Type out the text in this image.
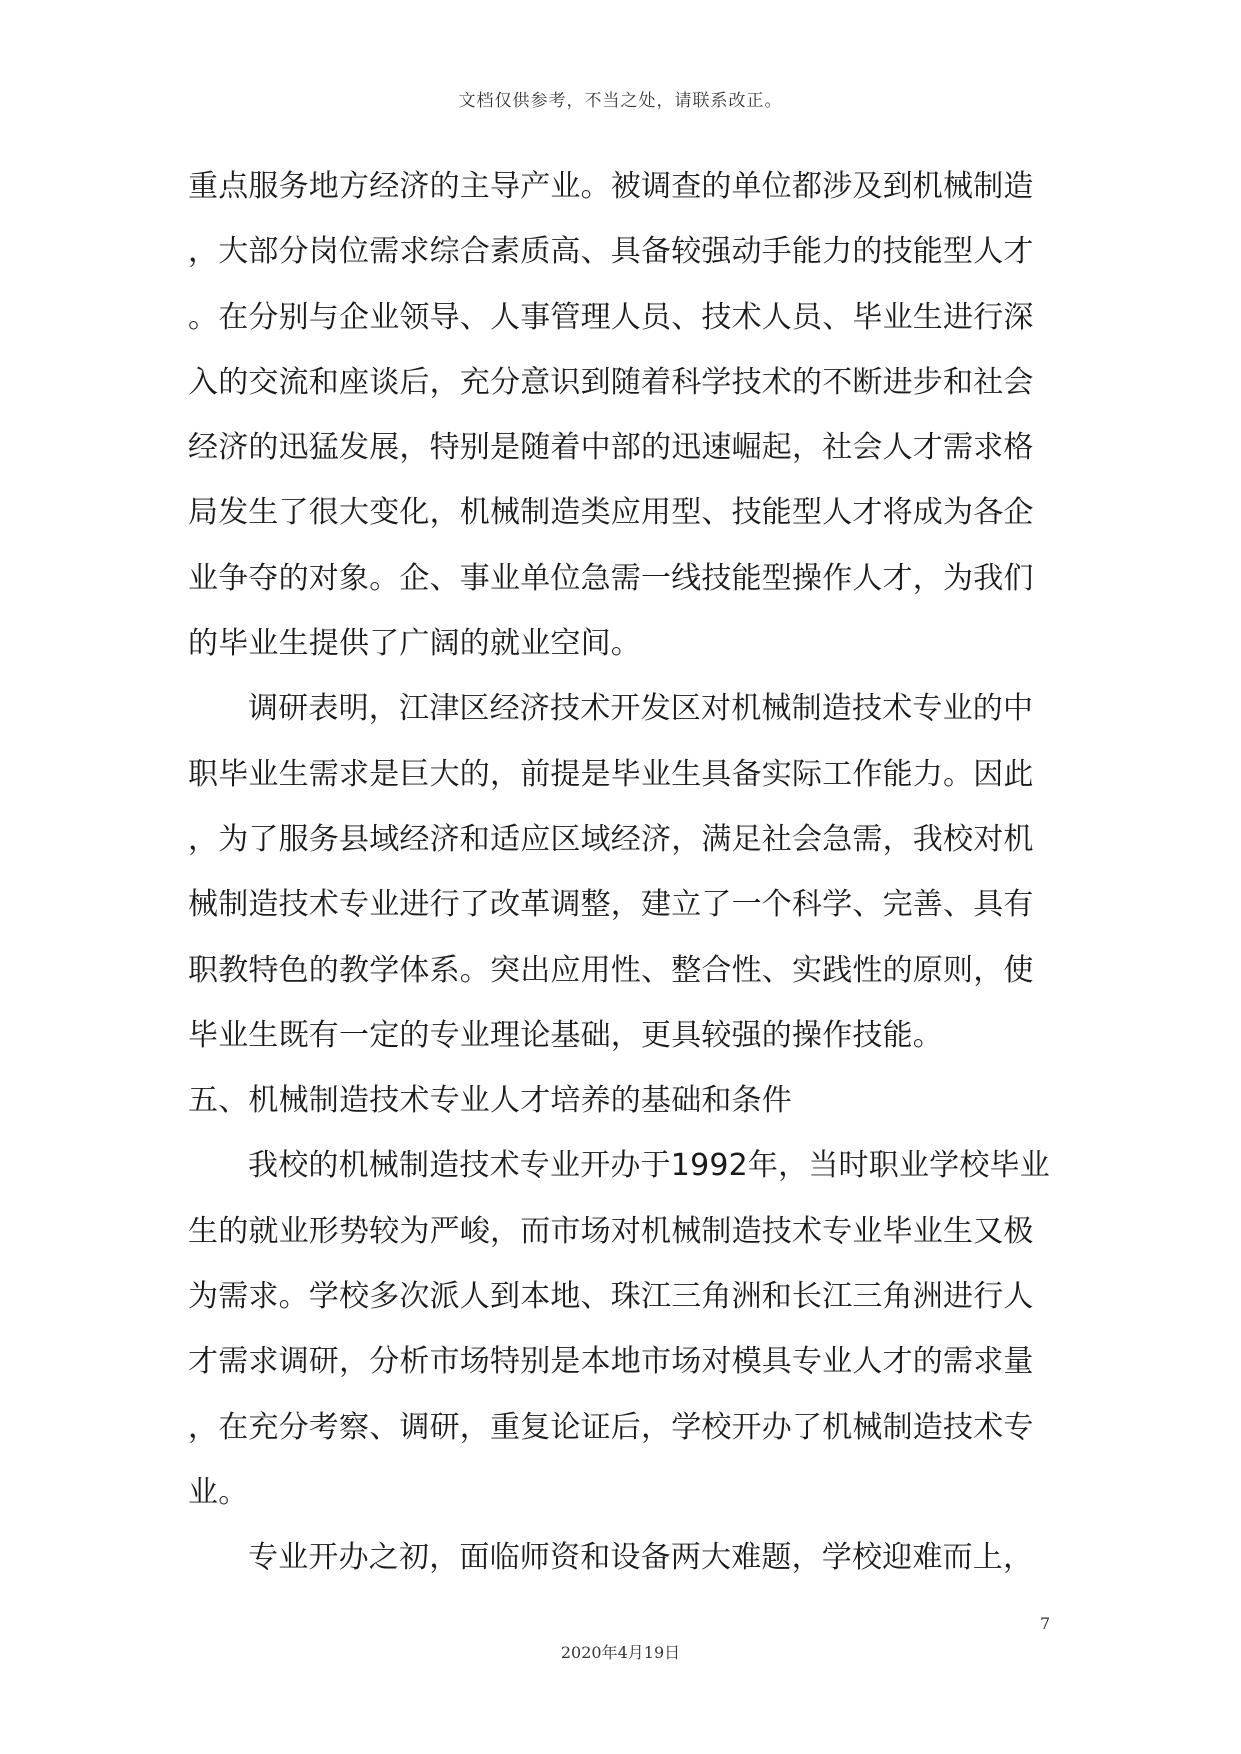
文档仅供参考，不当之处，请联系改正。
重点服务地方经济的主导产业。被调查的单位都涉及到机械制造
，大部分岗位需求综合素质高、具备较强动手能力的技能型人才
。在分别与企业领导、人事管理人员、技术人员、毕业生进行深
入的交流和座谈后，充分意识到随着科学技术的不断进步和社会
经济的迅猛发展，特别是随着中部的迅速崛起，社会人才需求格
局发生了很大变化，机械制造类应用型、技能型人才将成为各企
业争夺的对象。企、事业单位急需一线技能型操作人才，为我们
的毕业生提供了广阔的就业空间。
调研表明，江津区经济技术开发区对机械制造技术专业的中
职毕业生需求是巨大的，前提是毕业生具备实际工作能力。因此
，为了服务县域经济和适应区域经济，满足社会急需，我校对机
械制造技术专业进行了改革调整，建立了一个科学、完善、具有
职教特色的教学体系。突出应用性、整合性、实践性的原则，使
毕业生既有一定的专业理论基础，更具较强的操作技能。
五、机械制造技术专业人才培养的基础和条件
我校的机械制造技术专业开办于1992年，当时职业学校毕业
生的就业形势较为严峻，而市场对机械制造技术专业毕业生又极
为需求。学校多次派人到本地、珠江三角洲和长江三角洲进行人
才需求调研，分析市场特别是本地市场对模具专业人才的需求量
，在充分考察、调研，重复论证后，学校开办了机械制造技术专
业。
专业开办之初，面临师资和设备两大难题，学校迎难而上，
7
2020年4月19日
